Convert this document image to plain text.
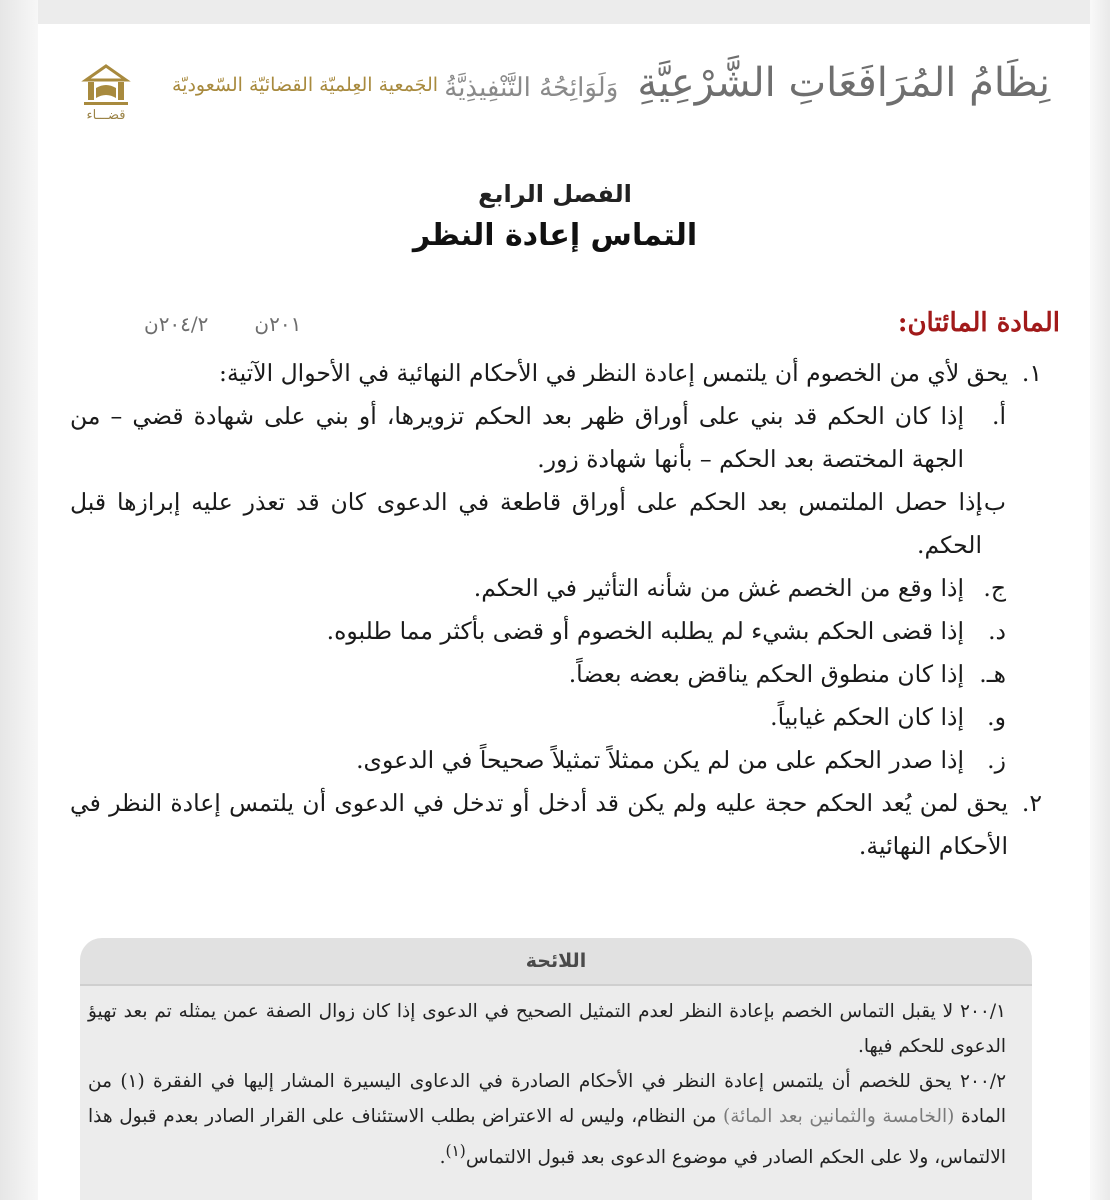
نِظَامُ المُرَافَعَاتِ الشَّرْعِيَّةِ وَلَوَائِحُهُ التَّنْفِيذِيَّةُ
قضـــاء
الجَمعية العِلميّة القضائيّة السّعوديّة
الفصل الرابع
التماس إعادة النظر
المادة المائتان:
٢٠١ن٢٠٤/٢ن
١.
يحق لأي من الخصوم أن يلتمس إعادة النظر في الأحكام النهائية في الأحوال الآتية:
أ.
إذا كان الحكم قد بني على أوراق ظهر بعد الحكم تزويرها، أو بني على شهادة قضي – من الجهة المختصة بعد الحكم – بأنها شهادة زور.
ب.
إذا حصل الملتمس بعد الحكم على أوراق قاطعة في الدعوى كان قد تعذر عليه إبرازها قبل الحكم.
ج.
إذا وقع من الخصم غش من شأنه التأثير في الحكم.
د.
إذا قضى الحكم بشيء لم يطلبه الخصوم أو قضى بأكثر مما طلبوه.
هـ.
إذا كان منطوق الحكم يناقض بعضه بعضاً.
و.
إذا كان الحكم غيابياً.
ز.
إذا صدر الحكم على من لم يكن ممثلاً تمثيلاً صحيحاً في الدعوى.
٢.
يحق لمن يُعد الحكم حجة عليه ولم يكن قد أدخل أو تدخل في الدعوى أن يلتمس إعادة النظر في الأحكام النهائية.
اللائحة
٢٠٠/١ لا يقبل التماس الخصم بإعادة النظر لعدم التمثيل الصحيح في الدعوى إذا كان زوال الصفة عمن يمثله تم بعد تهيؤ الدعوى للحكم فيها.
٢٠٠/٢ يحق للخصم أن يلتمس إعادة النظر في الأحكام الصادرة في الدعاوى اليسيرة المشار إليها في الفقرة (١) من المادة (الخامسة والثمانين بعد المائة) من النظام، وليس له الاعتراض بطلب الاستئناف على القرار الصادر بعدم قبول هذا الالتماس، ولا على الحكم الصادر في موضوع الدعوى بعد قبول الالتماس$^{(١)}$.
